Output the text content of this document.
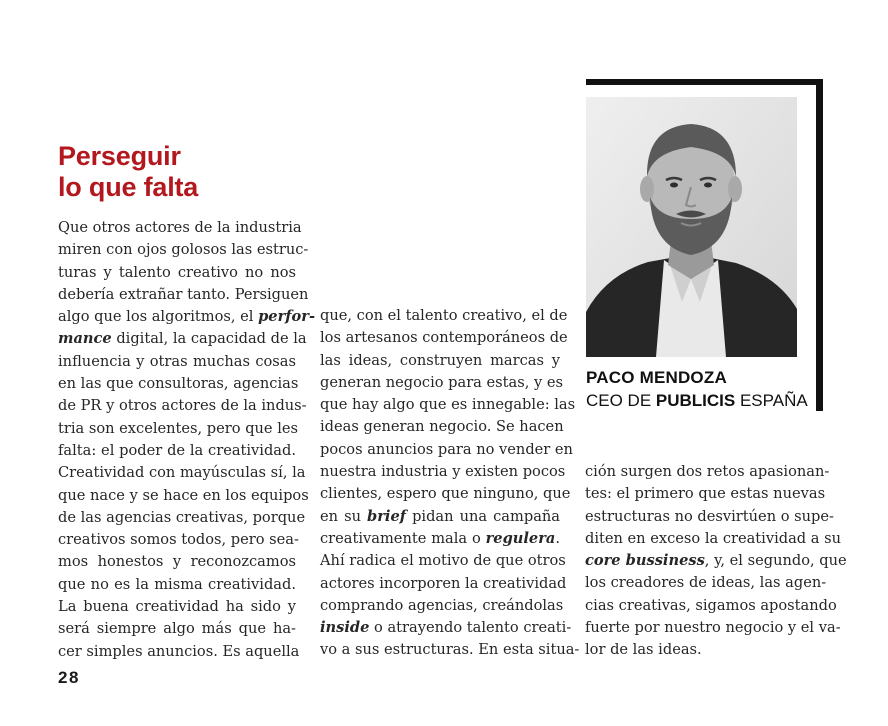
Perseguir
lo que falta
Que otros actores de la industria
miren con ojos golosos las estruc-
turas y talento creativo no nos
debería extrañar tanto. Persiguen
algo que los algoritmos, el perfor-
mance digital, la capacidad de la
influencia y otras muchas cosas
en las que consultoras, agencias
de PR y otros actores de la indus-
tria son excelentes, pero que les
falta: el poder de la creatividad.
Creatividad con mayúsculas sí, la
que nace y se hace en los equipos
de las agencias creativas, porque
creativos somos todos, pero sea-
mos honestos y reconozcamos
que no es la misma creatividad.
La buena creatividad ha sido y
será siempre algo más que ha-
cer simples anuncios. Es aquella
que, con el talento creativo, el de
los artesanos contemporáneos de
las ideas, construyen marcas y
generan negocio para estas, y es
que hay algo que es innegable: las
ideas generan negocio. Se hacen
pocos anuncios para no vender en
nuestra industria y existen pocos
clientes, espero que ninguno, que
en su brief pidan una campaña
creativamente mala o regulera.
Ahí radica el motivo de que otros
actores incorporen la creatividad
comprando agencias, creándolas
inside o atrayendo talento creati-
vo a sus estructuras. En esta situa-
ción surgen dos retos apasionan-
tes: el primero que estas nuevas
estructuras no desvirtúen o supe-
diten en exceso la creatividad a su
core bussiness, y, el segundo, que
los creadores de ideas, las agen-
cias creativas, sigamos apostando
fuerte por nuestro negocio y el va-
lor de las ideas.
PACO MENDOZA
CEO DE PUBLICIS ESPAÑA
28
